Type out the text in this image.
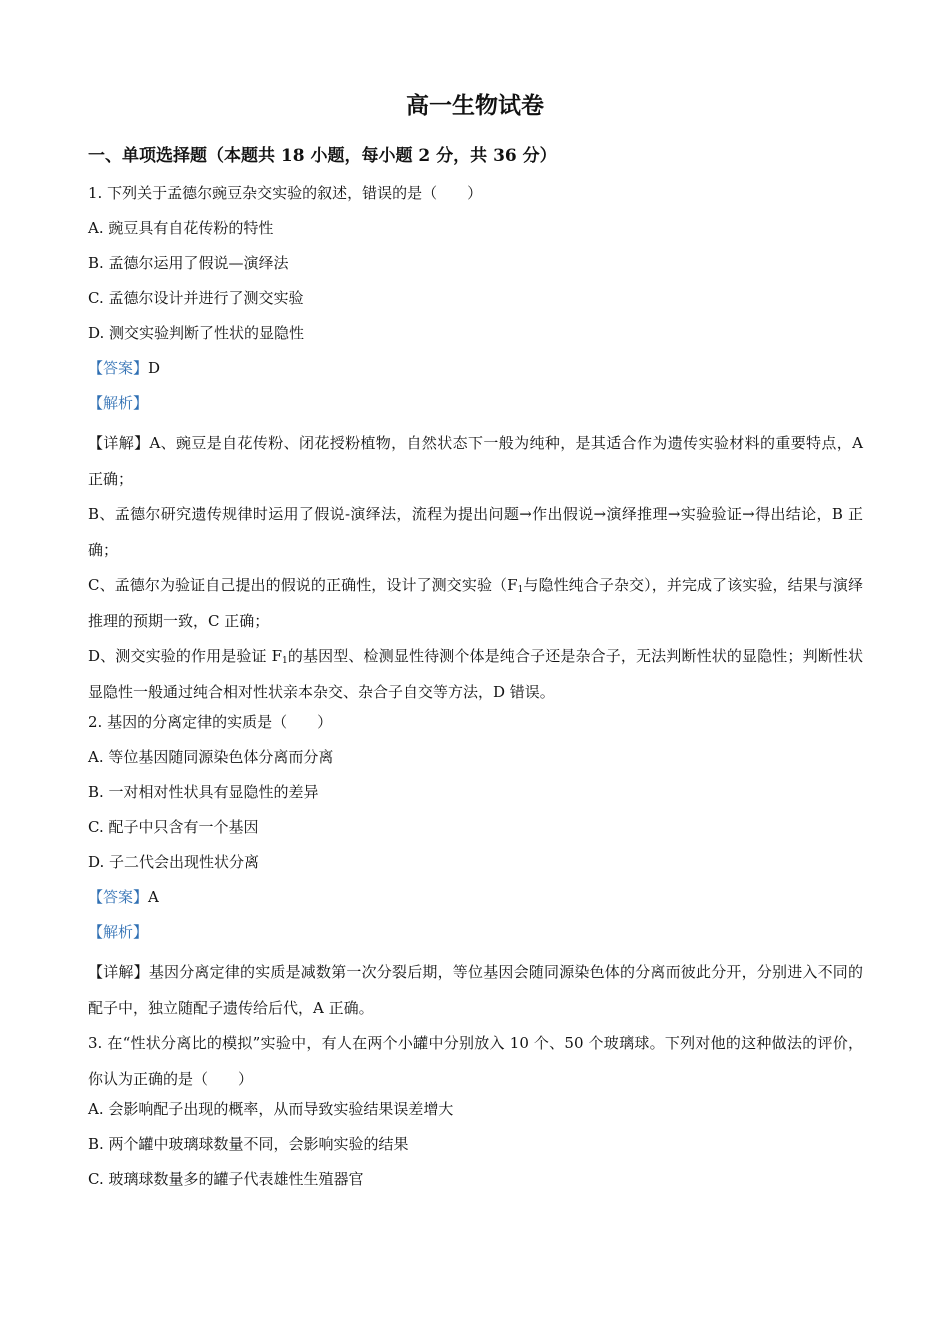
高一生物试卷
一、单项选择题（本题共 18 小题，每小题 2 分，共 36 分）
1. 下列关于孟德尔豌豆杂交实验的叙述，错误的是（　　）
A. 豌豆具有自花传粉的特性
B. 孟德尔运用了假说—演绎法
C. 孟德尔设计并进行了测交实验
D. 测交实验判断了性状的显隐性
【答案】D
【解析】
【详解】A、豌豆是自花传粉、闭花授粉植物，自然状态下一般为纯种，是其适合作为遗传实验材料的重要特点，A 正确；
B、孟德尔研究遗传规律时运用了假说-演绎法，流程为提出问题→作出假说→演绎推理→实验验证→得出结论，B 正确；
C、孟德尔为验证自己提出的假说的正确性，设计了测交实验（$F_1$与隐性纯合子杂交），并完成了该实验，结果与演绎推理的预期一致，C 正确；
D、测交实验的作用是验证 $F_1$的基因型、检测显性待测个体是纯合子还是杂合子，无法判断性状的显隐性；判断性状显隐性一般通过纯合相对性状亲本杂交、杂合子自交等方法，D 错误。
2. 基因的分离定律的实质是（　　）
A. 等位基因随同源染色体分离而分离
B. 一对相对性状具有显隐性的差异
C. 配子中只含有一个基因
D. 子二代会出现性状分离
【答案】A
【解析】
【详解】基因分离定律的实质是减数第一次分裂后期，等位基因会随同源染色体的分离而彼此分开，分别进入不同的配子中，独立随配子遗传给后代，A 正确。
3. 在“性状分离比的模拟”实验中，有人在两个小罐中分别放入 10 个、50 个玻璃球。下列对他的这种做法的评价，你认为正确的是（　　）
A. 会影响配子出现的概率，从而导致实验结果误差增大
B. 两个罐中玻璃球数量不同，会影响实验的结果
C. 玻璃球数量多的罐子代表雄性生殖器官
